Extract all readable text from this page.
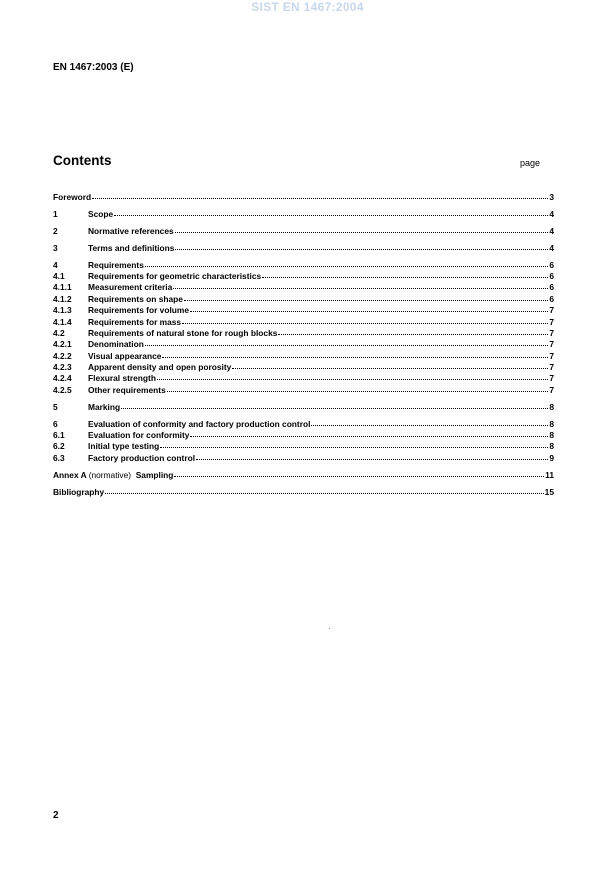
SIST EN 1467:2004
EN 1467:2003 (E)
Contents	page
Foreword	3
1	Scope	4
2	Normative references	4
3	Terms and definitions	4
4	Requirements	6
4.1	Requirements for geometric characteristics	6
4.1.1	Measurement criteria	6
4.1.2	Requirements on shape	6
4.1.3	Requirements for volume	7
4.1.4	Requirements for mass	7
4.2	Requirements of natural stone for rough blocks	7
4.2.1	Denomination	7
4.2.2	Visual appearance	7
4.2.3	Apparent density and open porosity	7
4.2.4	Flexural strength	7
4.2.5	Other requirements	7
5	Marking	8
6	Evaluation of conformity and factory production control	8
6.1	Evaluation for conformity	8
6.2	Initial type testing	8
6.3	Factory production control	9
Annex A (normative)  Sampling	11
Bibliography	15
2
